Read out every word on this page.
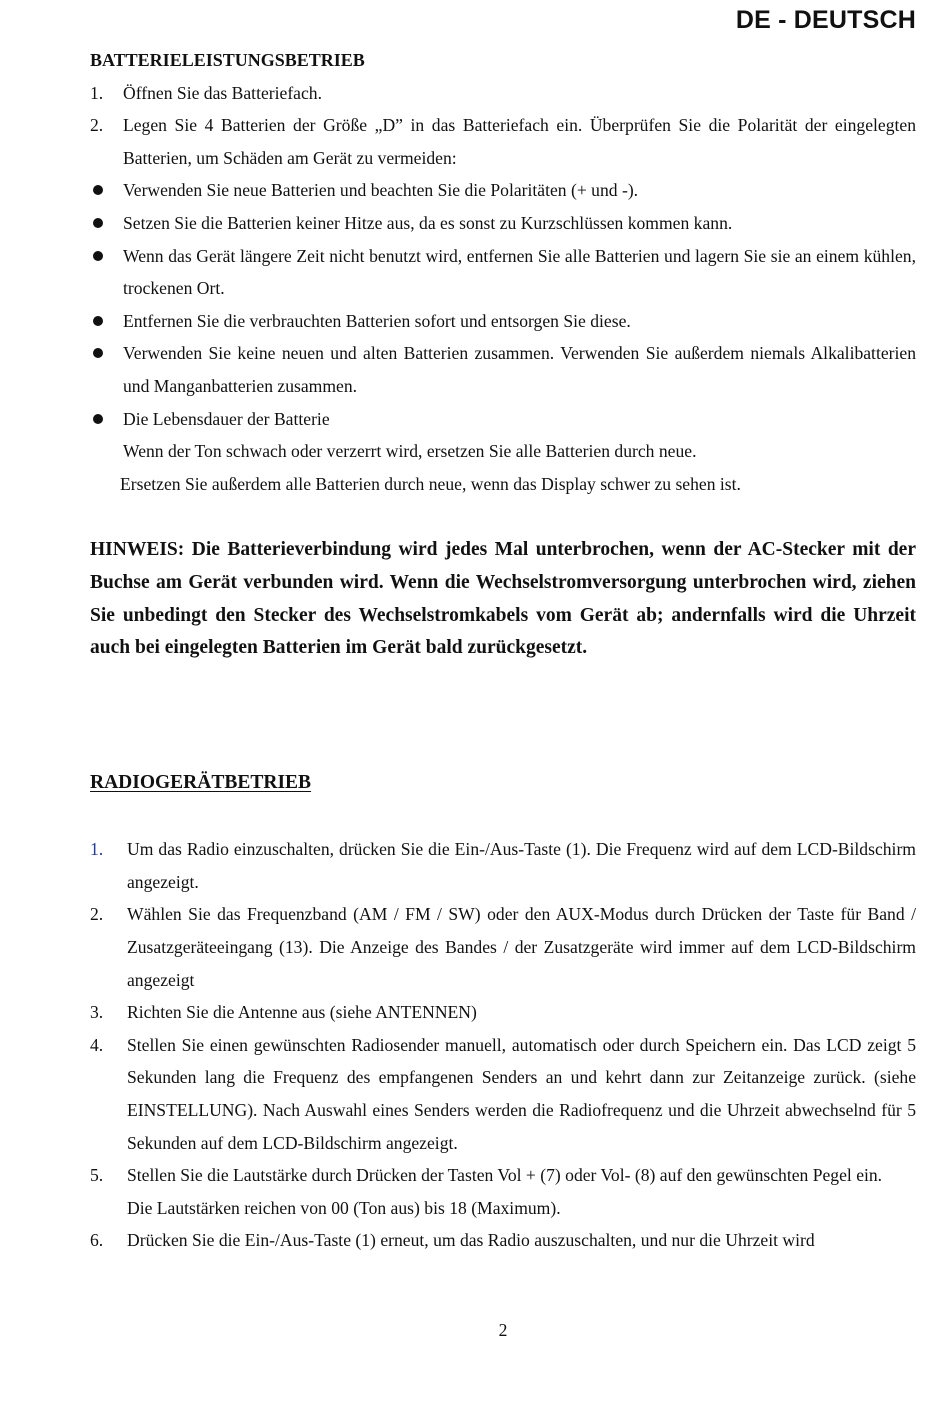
DE - DEUTSCH
BATTERIELEISTUNGSBETRIEB
1.	Öffnen Sie das Batteriefach.
2.	Legen Sie 4 Batterien der Größe „D” in das Batteriefach ein. Überprüfen Sie die Polarität der eingelegten Batterien, um Schäden am Gerät zu vermeiden:
Verwenden Sie neue Batterien und beachten Sie die Polaritäten (+ und -).
Setzen Sie die Batterien keiner Hitze aus, da es sonst zu Kurzschlüssen kommen kann.
Wenn das Gerät längere Zeit nicht benutzt wird, entfernen Sie alle Batterien und lagern Sie sie an einem kühlen, trockenen Ort.
Entfernen Sie die verbrauchten Batterien sofort und entsorgen Sie diese.
Verwenden Sie keine neuen und alten Batterien zusammen. Verwenden Sie außerdem niemals Alkalibatterien und Manganbatterien zusammen.
Die Lebensdauer der Batterie
Wenn der Ton schwach oder verzerrt wird, ersetzen Sie alle Batterien durch neue.
Ersetzen Sie außerdem alle Batterien durch neue, wenn das Display schwer zu sehen ist.
HINWEIS: Die Batterieverbindung wird jedes Mal unterbrochen, wenn der AC-Stecker mit der Buchse am Gerät verbunden wird. Wenn die Wechselstromversorgung unterbrochen wird, ziehen Sie unbedingt den Stecker des Wechselstromkabels vom Gerät ab; andernfalls wird die Uhrzeit auch bei eingelegten Batterien im Gerät bald zurückgesetzt.
RADIOGERÄTBETRIEB
1.	Um das Radio einzuschalten, drücken Sie die Ein-/Aus-Taste (1). Die Frequenz wird auf dem LCD-Bildschirm angezeigt.
2.	Wählen Sie das Frequenzband (AM / FM / SW) oder den AUX-Modus durch Drücken der Taste für Band / Zusatzgeräteeingang (13). Die Anzeige des Bandes / der Zusatzgeräte wird immer auf dem LCD-Bildschirm angezeigt
3.	Richten Sie die Antenne aus (siehe ANTENNEN)
4.	Stellen Sie einen gewünschten Radiosender manuell, automatisch oder durch Speichern ein. Das LCD zeigt 5 Sekunden lang die Frequenz des empfangenen Senders an und kehrt dann zur Zeitanzeige zurück. (siehe EINSTELLUNG). Nach Auswahl eines Senders werden die Radiofrequenz und die Uhrzeit abwechselnd für 5 Sekunden auf dem LCD-Bildschirm angezeigt.
5.	Stellen Sie die Lautstärke durch Drücken der Tasten Vol + (7) oder Vol- (8) auf den gewünschten Pegel ein.
Die Lautstärken reichen von 00 (Ton aus) bis 18 (Maximum).
6.	Drücken Sie die Ein-/Aus-Taste (1) erneut, um das Radio auszuschalten, und nur die Uhrzeit wird
2
